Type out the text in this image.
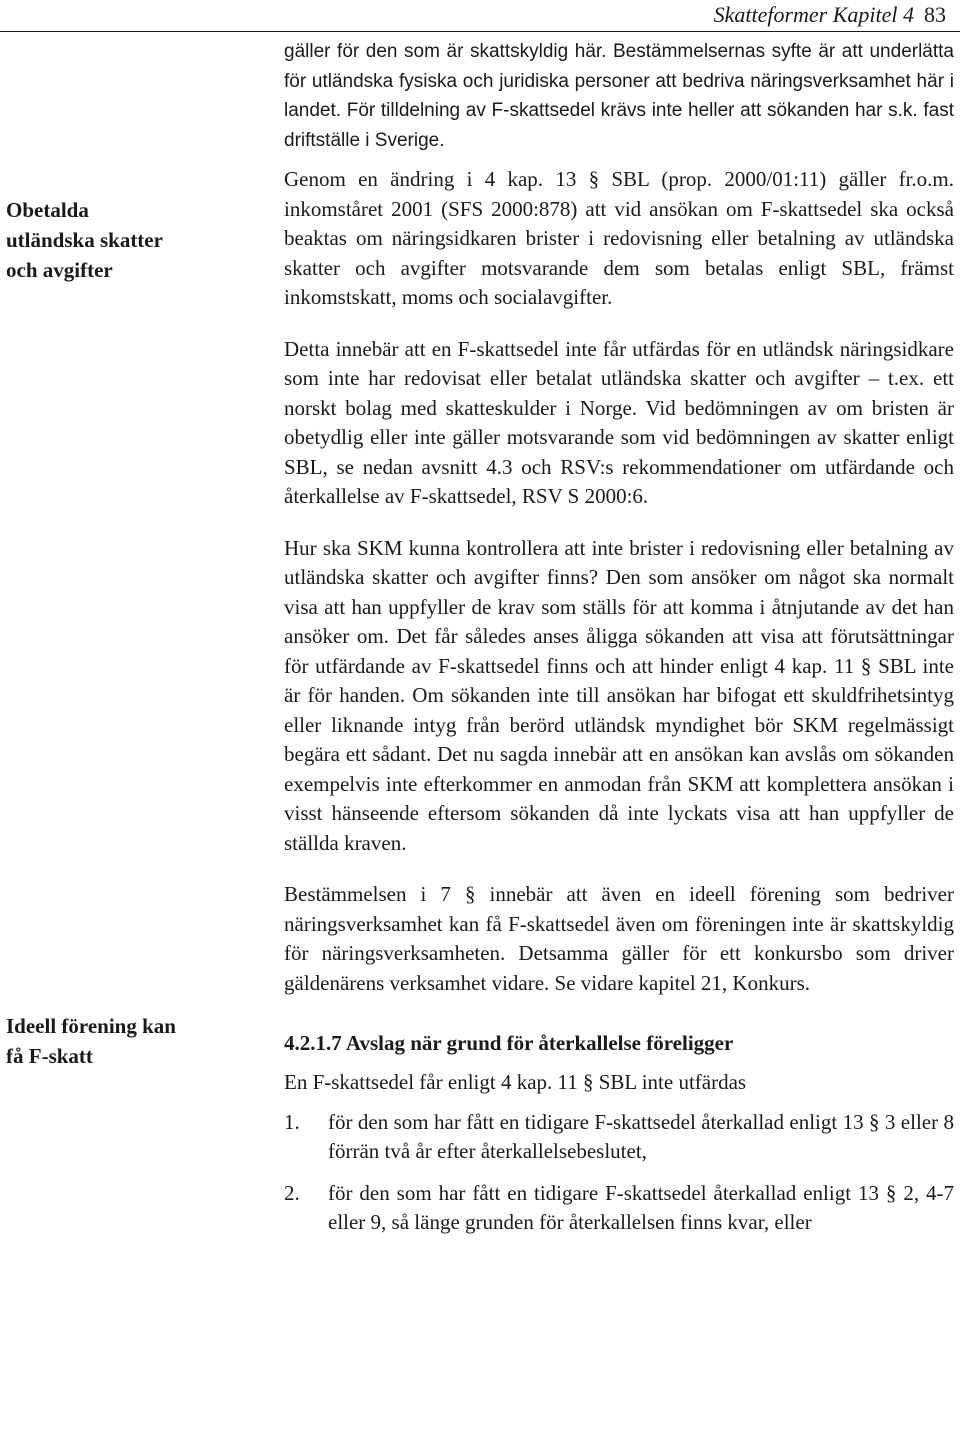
Skatteformer Kapitel 4 83
Obetalda utländska skatter och avgifter
Ideell förening kan få F-skatt

gäller för den som är skattskyldig här. Bestämmelsernas syfte är att underlätta för utländska fysiska och juridiska personer att bedriva näringsverksamhet här i landet. För tilldelning av F-skattsedel krävs inte heller att sökanden har s.k. fast driftställe i Sverige.

Genom en ändring i 4 kap. 13 § SBL (prop. 2000/01:11) gäller fr.o.m. inkomståret 2001 (SFS 2000:878) att vid ansökan om F-skattsedel ska också beaktas om näringsidkaren brister i redovisning eller betalning av utländska skatter och avgifter motsvarande dem som betalas enligt SBL, främst inkomstskatt, moms och socialavgifter.

Detta innebär att en F-skattsedel inte får utfärdas för en utländsk näringsidkare som inte har redovisat eller betalat utländska skatter och avgifter – t.ex. ett norskt bolag med skatteskulder i Norge. Vid bedömningen av om bristen är obetydlig eller inte gäller motsvarande som vid bedömningen av skatter enligt SBL, se nedan avsnitt 4.3 och RSV:s rekommendationer om utfärdande och återkallelse av F-skattsedel, RSV S 2000:6.

Hur ska SKM kunna kontrollera att inte brister i redovisning eller betalning av utländska skatter och avgifter finns? Den som ansöker om något ska normalt visa att han uppfyller de krav som ställs för att komma i åtnjutande av det han ansöker om. Det får således anses åligga sökanden att visa att förutsättningar för utfärdande av F-skattsedel finns och att hinder enligt 4 kap. 11 § SBL inte är för handen. Om sökanden inte till ansökan har bifogat ett skuldfrihetsintyg eller liknande intyg från berörd utländsk myndighet bör SKM regelmässigt begära ett sådant. Det nu sagda innebär att en ansökan kan avslås om sökanden exempelvis inte efterkommer en anmodan från SKM att komplettera ansökan i visst hänseende eftersom sökanden då inte lyckats visa att han uppfyller de ställda kraven.

Bestämmelsen i 7 § innebär att även en ideell förening som bedriver näringsverksamhet kan få F-skattsedel även om föreningen inte är skattskyldig för näringsverksamheten. Detsamma gäller för ett konkursbo som driver gäldenärens verksamhet vidare. Se vidare kapitel 21, Konkurs.

4.2.1.7 Avslag när grund för återkallelse föreligger

En F-skattsedel får enligt 4 kap. 11 § SBL inte utfärdas

1. för den som har fått en tidigare F-skattsedel återkallad enligt 13 § 3 eller 8 förrän två år efter återkallelsebeslutet,
2. för den som har fått en tidigare F-skattsedel återkallad enligt 13 § 2, 4-7 eller 9, så länge grunden för återkallelsen finns kvar, eller
